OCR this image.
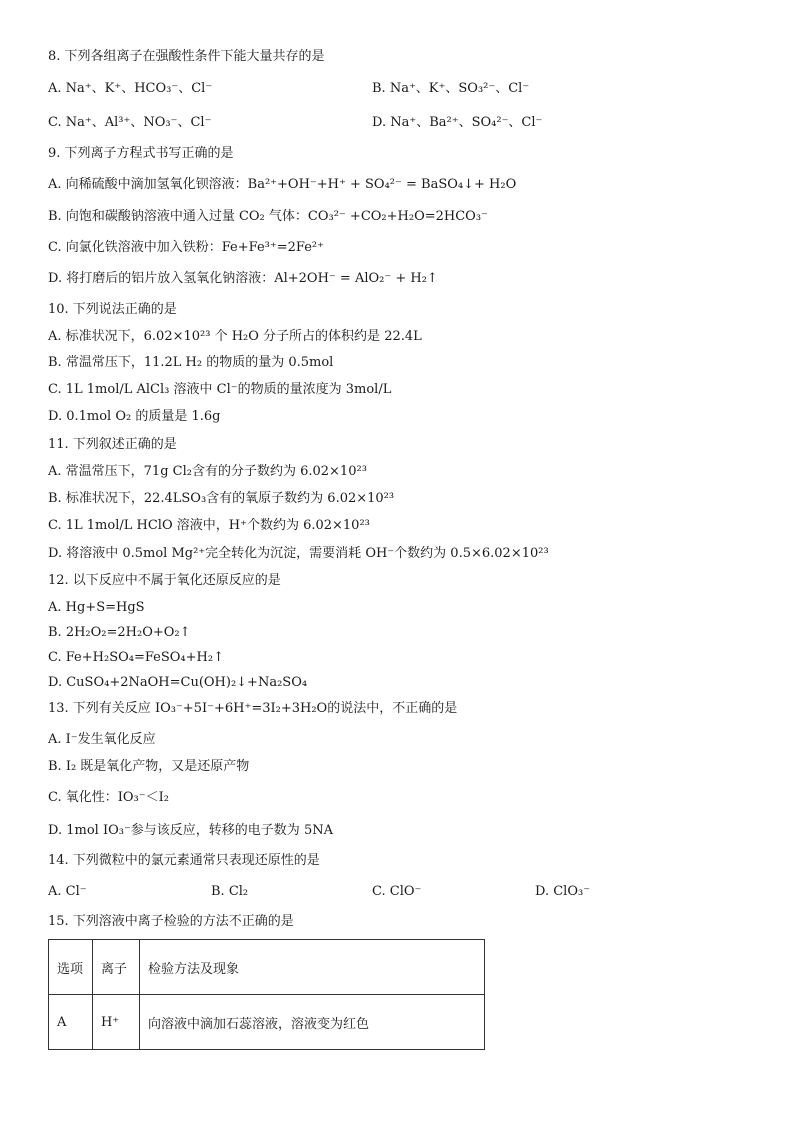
8. 下列各组离子在强酸性条件下能大量共存的是
A. Na⁺、K⁺、HCO₃⁻、Cl⁻	B. Na⁺、K⁺、SO₃²⁻、Cl⁻
C. Na⁺、Al³⁺、NO₃⁻、Cl⁻	D. Na⁺、Ba²⁺、SO₄²⁻、Cl⁻
9. 下列离子方程式书写正确的是
A. 向稀硫酸中滴加氢氧化钡溶液：Ba²⁺+OH⁻+H⁺ + SO₄²⁻ = BaSO₄↓+ H₂O
B. 向饱和碳酸钠溶液中通入过量 CO₂ 气体：CO₃²⁻ +CO₂+H₂O=2HCO₃⁻
C. 向氯化铁溶液中加入铁粉：Fe+Fe³⁺=2Fe²⁺
D. 将打磨后的铝片放入氢氧化钠溶液：Al+2OH⁻ = AlO₂⁻ + H₂↑
10. 下列说法正确的是
A. 标准状况下，6.02×10²³ 个 H₂O 分子所占的体积约是 22.4L
B. 常温常压下，11.2L H₂ 的物质的量为 0.5mol
C. 1L 1mol/L AlCl₃ 溶液中 Cl⁻的物质的量浓度为 3mol/L
D. 0.1mol O₂ 的质量是 1.6g
11. 下列叙述正确的是
A. 常温常压下，71g Cl₂含有的分子数约为 6.02×10²³
B. 标准状况下，22.4LSO₃含有的氧原子数约为 6.02×10²³
C. 1L 1mol/L HClO 溶液中，H⁺个数约为 6.02×10²³
D. 将溶液中 0.5mol Mg²⁺完全转化为沉淀，需要消耗 OH⁻个数约为 0.5×6.02×10²³
12. 以下反应中不属于氧化还原反应的是
A. Hg+S=HgS
B. 2H₂O₂=2H₂O+O₂↑
C. Fe+H₂SO₄=FeSO₄+H₂↑
D. CuSO₄+2NaOH=Cu(OH)₂↓+Na₂SO₄
13. 下列有关反应 IO₃⁻+5I⁻+6H⁺=3I₂+3H₂O的说法中，不正确的是
A. I⁻发生氧化反应
B. I₂ 既是氧化产物，又是还原产物
C. 氧化性：IO₃⁻＜I₂
D. 1mol IO₃⁻参与该反应，转移的电子数为 5NA
14. 下列微粒中的氯元素通常只表现还原性的是
A. Cl⁻	B. Cl₂	C. ClO⁻	D. ClO₃⁻
15. 下列溶液中离子检验的方法不正确的是
选项	离子	检验方法及现象
A	H⁺	向溶液中滴加石蕊溶液，溶液变为红色
